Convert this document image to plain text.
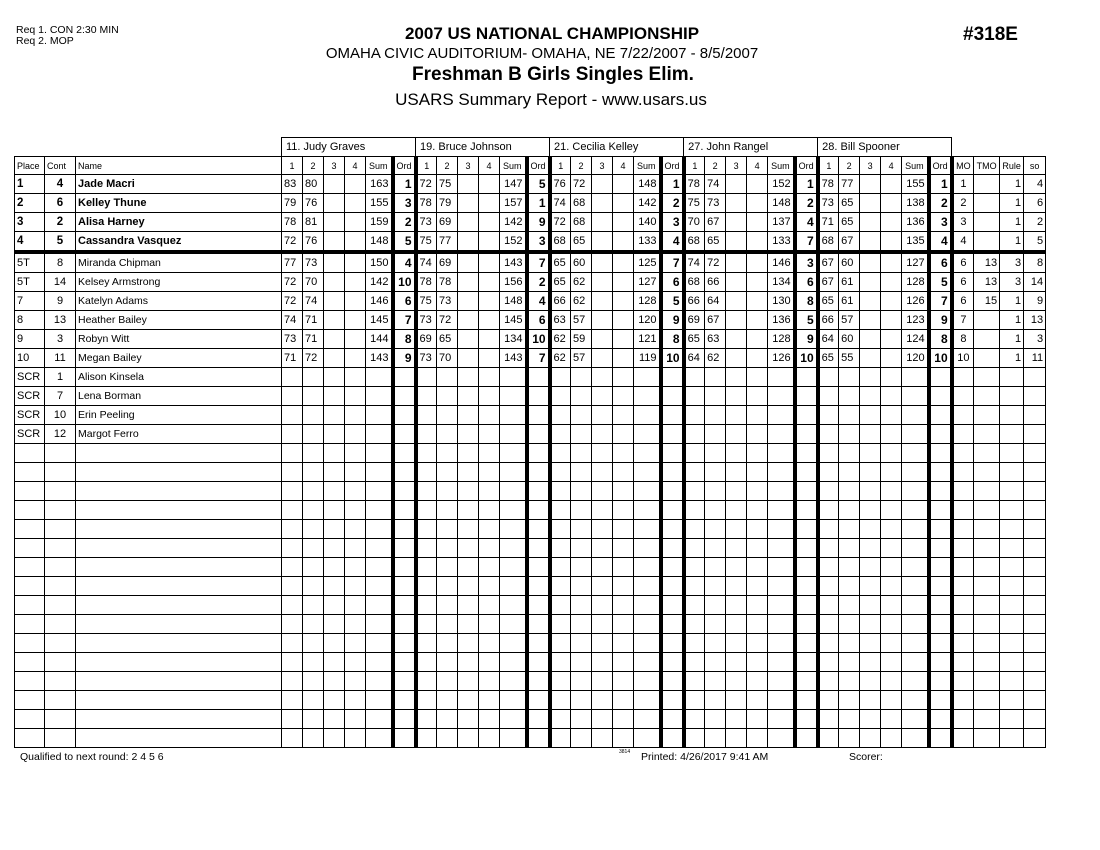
Req 1. CON 2:30 MIN
Req 2. MOP	2007 US NATIONAL CHAMPIONSHIP
OMAHA CIVIC AUDITORIUM- OMAHA, NE 7/22/2007 - 8/5/2007
Freshman B Girls Singles Elim.
USARS Summary Report - www.usars.us
#318E
			11. Judy Graves						19. Bruce Johnson						21. Cecilia Kelley						27. John Rangel						28. Bill Spooner									
Place	Cont	Name	1	2	3	4	Sum	Ord	1	2	3	4	Sum	Ord	1	2	3	4	Sum	Ord	1	2	3	4	Sum	Ord	1	2	3	4	Sum	Ord	MO	TMO	Rule	so
1	4	Jade Macri	83	80			163	1	72	75			147	5	76	72			148	1	78	74			152	1	78	77			155	1	1		1	4
2	6	Kelley Thune	79	76			155	3	78	79			157	1	74	68			142	2	75	73			148	2	73	65			138	2	2		1	6
3	2	Alisa Harney	78	81			159	2	73	69			142	9	72	68			140	3	70	67			137	4	71	65			136	3	3		1	2
4	5	Cassandra Vasquez	72	76			148	5	75	77			152	3	68	65			133	4	68	65			133	7	68	67			135	4	4		1	5
5T	8	Miranda Chipman	77	73			150	4	74	69			143	7	65	60			125	7	74	72			146	3	67	60			127	6	6	13	3	8
5T	14	Kelsey Armstrong	72	70			142	10	78	78			156	2	65	62			127	6	68	66			134	6	67	61			128	5	6	13	3	14
7	9	Katelyn Adams	72	74			146	6	75	73			148	4	66	62			128	5	66	64			130	8	65	61			126	7	6	15	1	9
8	13	Heather Bailey	74	71			145	7	73	72			145	6	63	57			120	9	69	67			136	5	66	57			123	9	7		1	13
9	3	Robyn Witt	73	71			144	8	69	65			134	10	62	59			121	8	65	63			128	9	64	60			124	8	8		1	3
10	11	Megan Bailey	71	72			143	9	73	70			143	7	62	57			119	10	64	62			126	10	65	55			120	10	10		1	11
SCR	1	Alison Kinsela																																		
SCR	7	Lena Borman																																		
SCR	10	Erin Peeling																																		
SCR	12	Margot Ferro																																		

Qualified to next round: 2 4 5 6	3814 Printed: 4/26/2017 9:41 AM	Scorer:
